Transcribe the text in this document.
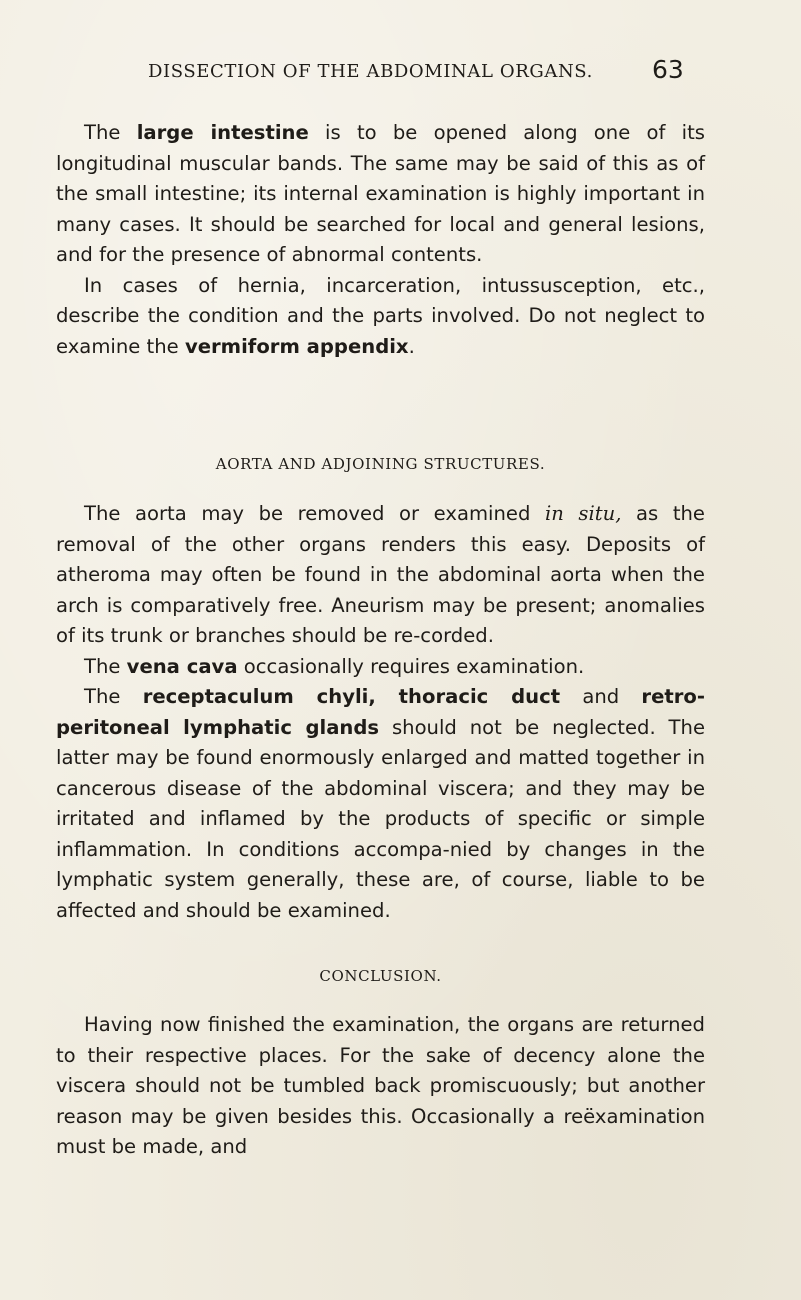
DISSECTION OF THE ABDOMINAL ORGANS.	63

The large intestine is to be opened along one of its longitudinal muscular bands. The same may be said of this as of the small intestine; its internal examination is highly important in many cases. It should be searched for local and general lesions, and for the presence of abnormal contents.

In cases of hernia, incarceration, intussusception, etc., describe the condition and the parts involved. Do not neglect to examine the vermiform appendix.

AORTA AND ADJOINING STRUCTURES.

The aorta may be removed or examined in situ, as the removal of the other organs renders this easy. Deposits of atheroma may often be found in the abdominal aorta when the arch is comparatively free. Aneurism may be present; anomalies of its trunk or branches should be re-corded.

The vena cava occasionally requires examination.

The receptaculum chyli, thoracic duct and retro-peritoneal lymphatic glands should not be neglected. The latter may be found enormously enlarged and matted together in cancerous disease of the abdominal viscera; and they may be irritated and inflamed by the products of specific or simple inflammation. In conditions accompa-nied by changes in the lymphatic system generally, these are, of course, liable to be affected and should be examined.

CONCLUSION.

Having now finished the examination, the organs are returned to their respective places. For the sake of decency alone the viscera should not be tumbled back promiscuously; but another reason may be given besides this. Occasionally a reëxamination must be made, and
